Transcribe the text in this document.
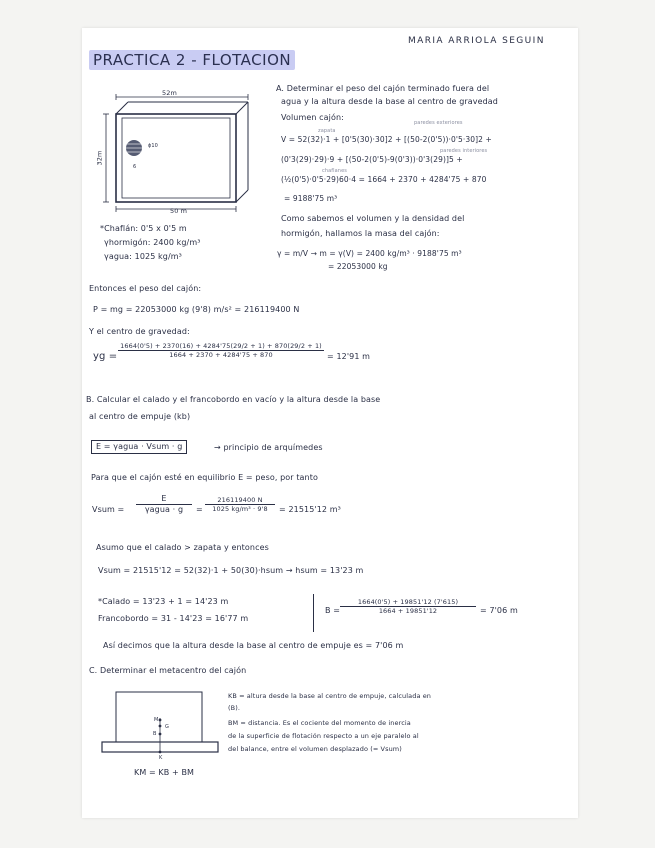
PRACTICA 2 - FLOTACION
MARIA ARRIOLA SEGUIN
52m
32m
50 m
ϕ10
6
*Chaflán: 0'5 x 0'5 m
γhormigón: 2400 kg/m³
γagua: 1025 kg/m³
A. Determinar el peso del cajón terminado fuera del
agua y la altura desde la base al centro de gravedad
Volumen cajón:
zapata
paredes exteriores
V = 52(32)·1 + [0'5(30)·30]2 + [(50-2(0'5))·0'5·30]2 +
paredes interiores
(0'3(29)·29)·9 + [(50-2(0'5)-9(0'3))·0'3(29)]5 +
chaflanes
(½(0'5)·0'5·29)60·4 = 1664 + 2370 + 4284'75 + 870
= 9188'75 m³
Como sabemos el volumen y la densidad del
hormigón, hallamos la masa del cajón:
γ = m/V → m = γ(V) = 2400 kg/m³ · 9188'75 m³
= 22053000 kg
Entonces el peso del cajón:
P = mg = 22053000 kg (9'8) m/s² = 216119400 N
Y el centro de gravedad:
yg = $\frac{1664(0'5) + 2370(16) + 4284'75(29/2 + 1) + 870(29/2 + 1)}{1664 + 2370 + 4284'75 + 870} = 12'91$ m
B. Calcular el calado y el francobordo en vacío y la altura desde la base
al centro de empuje (kb)
E = γagua · Vsum · g	→ principio de arquímedes
Para que el cajón esté en equilibrio E = peso, por tanto
Vsum =
E
γagua · g	= $\frac{216119400 N}{\text{1025 kg/m³ · 9'8}} = 21515'12$ m³
Asumo que el calado > zapata y entonces
Vsum = 21515'12 = 52(32)·1 + 50(30)·hsum → hsum = 13'23 m
*Calado = 13'23 + 1 = 14'23 m
Francobordo = 31 - 14'23 = 16'77 m
$B = \frac{1664(0'5) + 19851'12 (7'615)}{1664 + 19851'12} = 7'06$ m
Así decimos que la altura desde la base al centro de empuje es = 7'06 m
C. Determinar el metacentro del cajón
M
G
B
K
KM = KB + BM
KB = altura desde la base al centro de empuje, calculada en
(B).
BM = distancia. Es el cociente del momento de inercia
de la superficie de flotación respecto a un eje paralelo al
del balance, entre el volumen desplazado (= Vsum)
